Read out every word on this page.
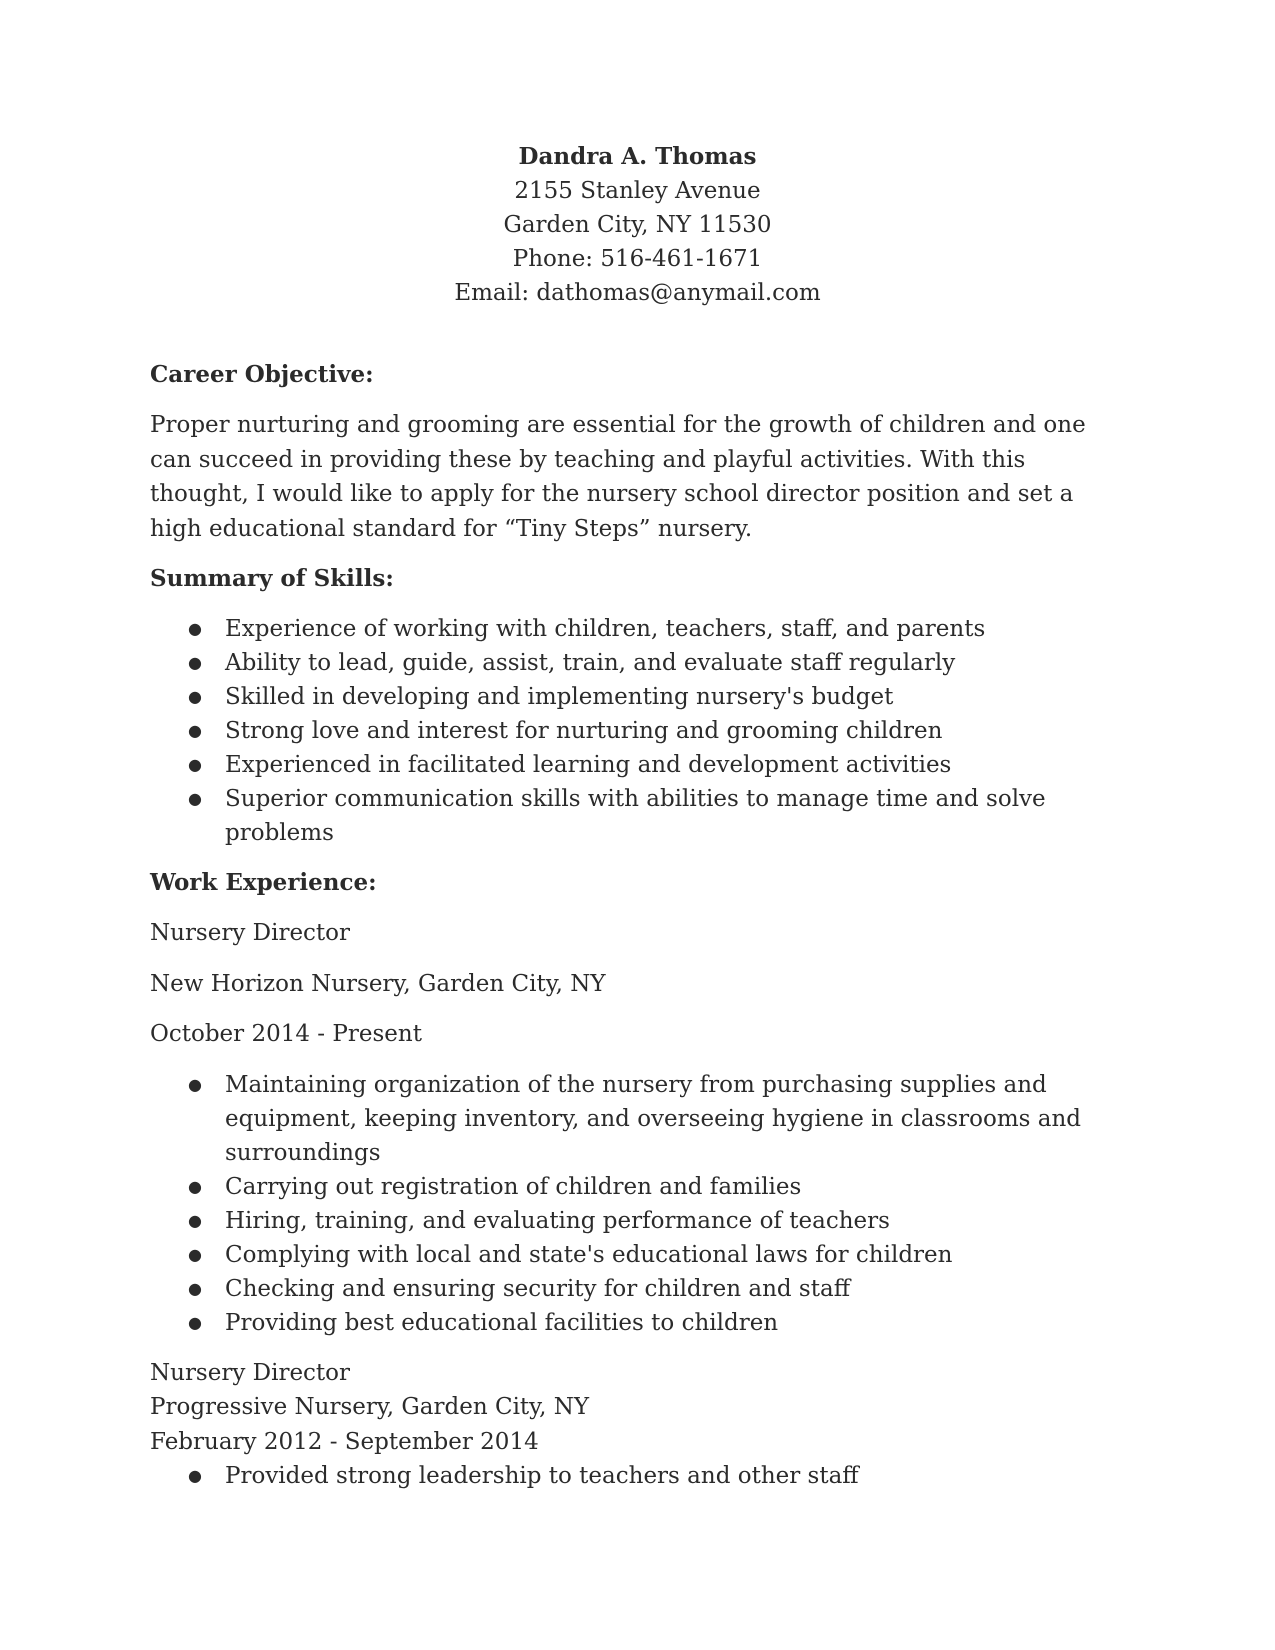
Dandra A. Thomas
2155 Stanley Avenue
Garden City, NY 11530
Phone: 516-461-1671
Email: dathomas@anymail.com
Career Objective:

Proper nurturing and grooming are essential for the growth of children and one can succeed in providing these by teaching and playful activities. With this thought, I would like to apply for the nursery school director position and set a high educational standard for “Tiny Steps” nursery.

Summary of Skills:
● Experience of working with children, teachers, staff, and parents
● Ability to lead, guide, assist, train, and evaluate staff regularly
● Skilled in developing and implementing nursery's budget
● Strong love and interest for nurturing and grooming children
● Experienced in facilitated learning and development activities
● Superior communication skills with abilities to manage time and solve problems
Work Experience:
Nursery Director
New Horizon Nursery, Garden City, NY
October 2014 - Present
● Maintaining organization of the nursery from purchasing supplies and equipment, keeping inventory, and overseeing hygiene in classrooms and surroundings
● Carrying out registration of children and families
● Hiring, training, and evaluating performance of teachers
● Complying with local and state's educational laws for children
● Checking and ensuring security for children and staff
● Providing best educational facilities to children
Nursery Director
Progressive Nursery, Garden City, NY
February 2012 - September 2014
● Provided strong leadership to teachers and other staff
